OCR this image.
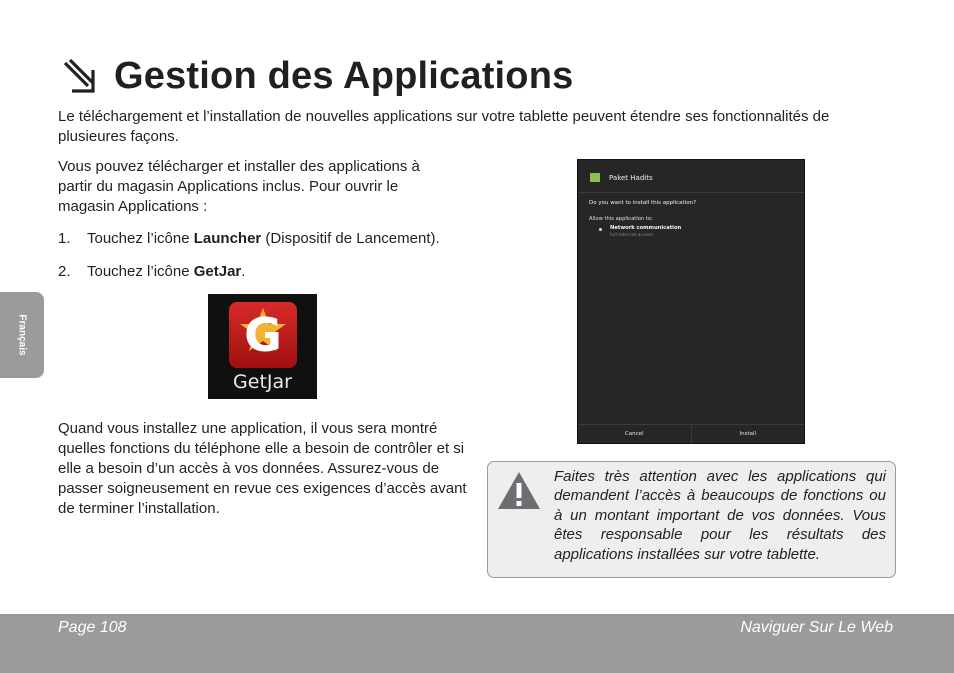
Gestion des Applications
Le téléchargement et l’installation de nouvelles applications sur votre tablette peuvent étendre ses fonctionnalités de plusieures façons.
Vous pouvez télécharger et installer des applications à partir du magasin Applications inclus. Pour ouvrir le magasin Applications :
1.	Touchez l’icône Launcher (Dispositif de Lancement).
2.	Touchez l’icône GetJar.
G
GetJar
Quand vous installez une application, il vous sera montré quelles fonctions du téléphone elle a besoin de contrôler et si elle a besoin d’un accès à vos données. Assurez-vous de passer soigneusement en revue ces exigences d’accès avant de terminer l’installation.
Paket Hadits
Do you want to install this application?
Allow this application to:
Network communication
full Internet access
Cancel	Install
Faites très attention avec les applications qui demandent l’accès à beaucoups de fonctions ou à un montant important de vos données. Vous êtes responsable pour les résultats des applications installées sur votre tablette.
Français
Page 108	Naviguer Sur Le Web
